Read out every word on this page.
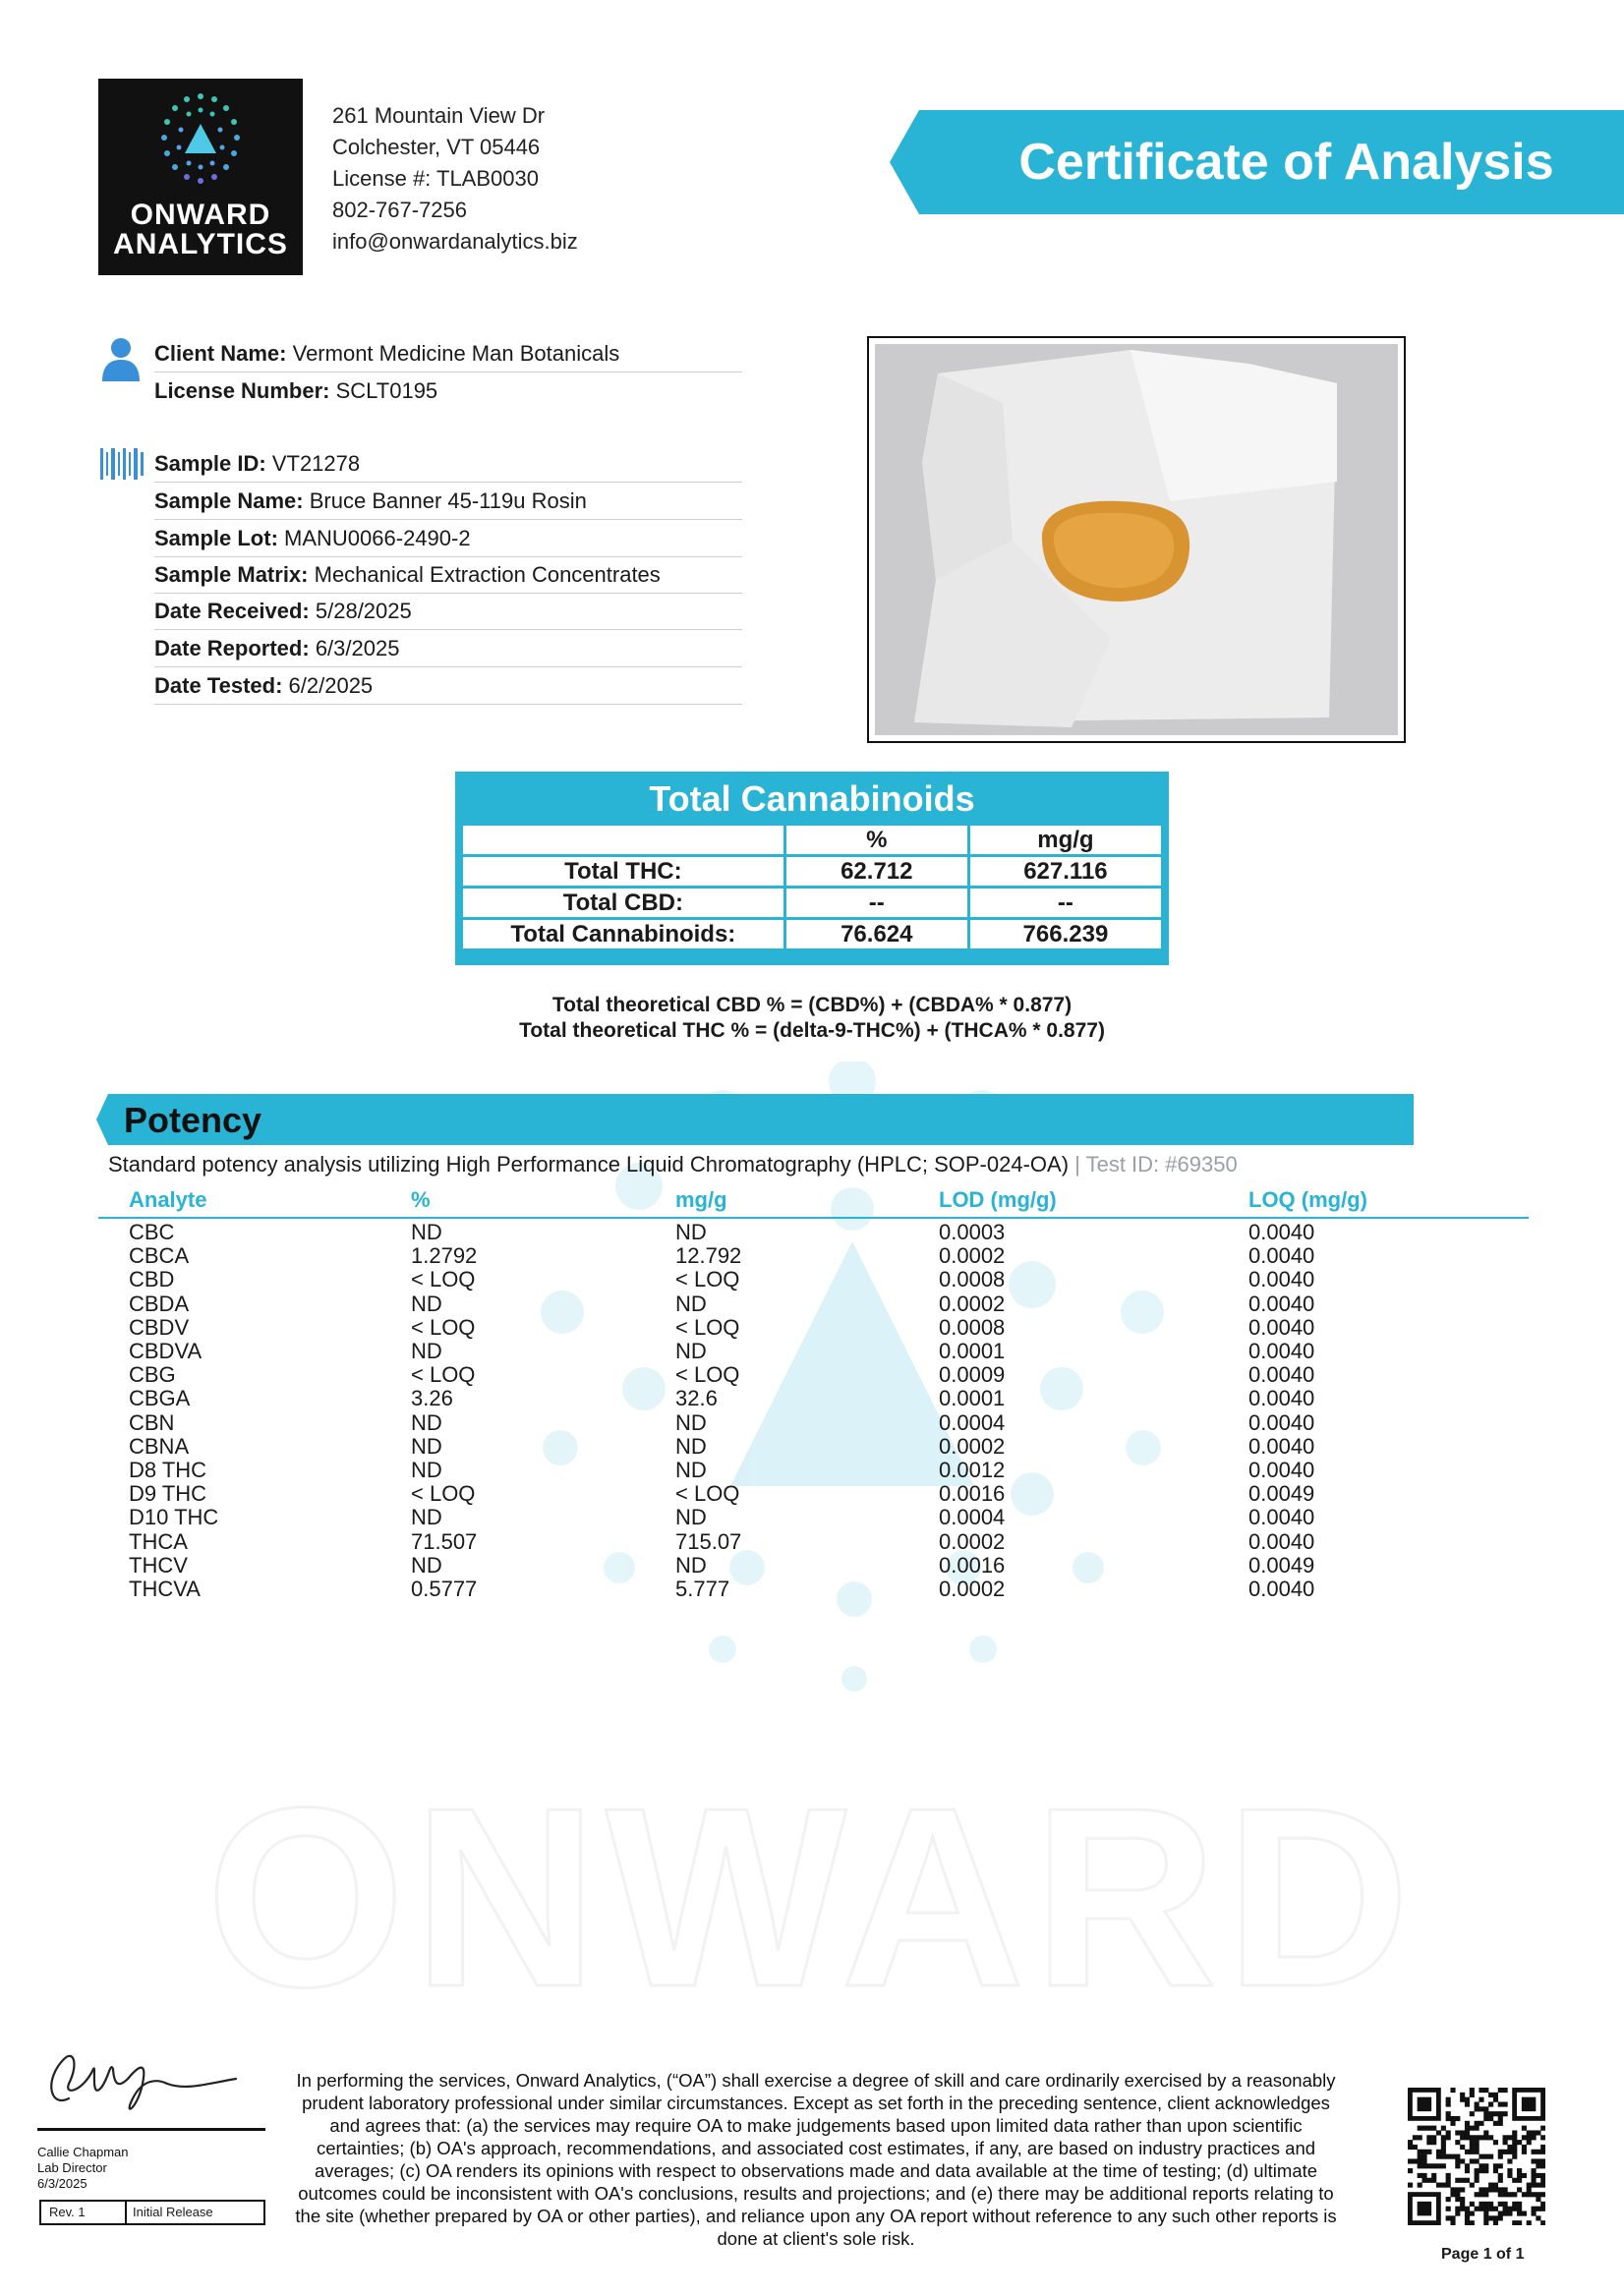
ONWARD
ONWARD
ANALYTICS
261 Mountain View Dr
Colchester, VT 05446
License #: TLAB0030
802-767-7256
info@onwardanalytics.biz
Certificate of Analysis
Client Name: Vermont Medicine Man Botanicals
License Number: SCLT0195
Sample ID: VT21278
Sample Name: Bruce Banner 45-119u Rosin
Sample Lot: MANU0066-2490-2
Sample Matrix: Mechanical Extraction Concentrates
Date Received: 5/28/2025
Date Reported: 6/3/2025
Date Tested: 6/2/2025
Total Cannabinoids
	%	mg/g
Total THC:	62.712	627.116
Total CBD:	--	--
Total Cannabinoids:	76.624	766.239
Total theoretical CBD % = (CBD%) + (CBDA% * 0.877)
Total theoretical THC % = (delta-9-THC%) + (THCA% * 0.877)
Potency
Standard potency analysis utilizing High Performance Liquid Chromatography (HPLC; SOP-024-OA) | Test ID: #69350
Analyte	%	mg/g	LOD (mg/g)	LOQ (mg/g)
CBC	ND	ND	0.0003	0.0040
CBCA	1.2792	12.792	0.0002	0.0040
CBD	< LOQ	< LOQ	0.0008	0.0040
CBDA	ND	ND	0.0002	0.0040
CBDV	< LOQ	< LOQ	0.0008	0.0040
CBDVA	ND	ND	0.0001	0.0040
CBG	< LOQ	< LOQ	0.0009	0.0040
CBGA	3.26	32.6	0.0001	0.0040
CBN	ND	ND	0.0004	0.0040
CBNA	ND	ND	0.0002	0.0040
D8 THC	ND	ND	0.0012	0.0040
D9 THC	< LOQ	< LOQ	0.0016	0.0049
D10 THC	ND	ND	0.0004	0.0040
THCA	71.507	715.07	0.0002	0.0040
THCV	ND	ND	0.0016	0.0049
THCVA	0.5777	5.777	0.0002	0.0040
Callie Chapman
Lab Director
6/3/2025
Rev. 1	Initial Release
In performing the services, Onward Analytics, (“OA”) shall exercise a degree of skill and care ordinarily exercised by a reasonably prudent laboratory professional under similar circumstances. Except as set forth in the preceding sentence, client acknowledges and agrees that: (a) the services may require OA to make judgements based upon limited data rather than upon scientific certainties; (b) OA's approach, recommendations, and associated cost estimates, if any, are based on industry practices and averages; (c) OA renders its opinions with respect to observations made and data available at the time of testing; (d) ultimate outcomes could be inconsistent with OA's conclusions, results and projections; and (e) there may be additional reports relating to the site (whether prepared by OA or other parties), and reliance upon any OA report without reference to any such other reports is done at client's sole risk.
Page 1 of 1
